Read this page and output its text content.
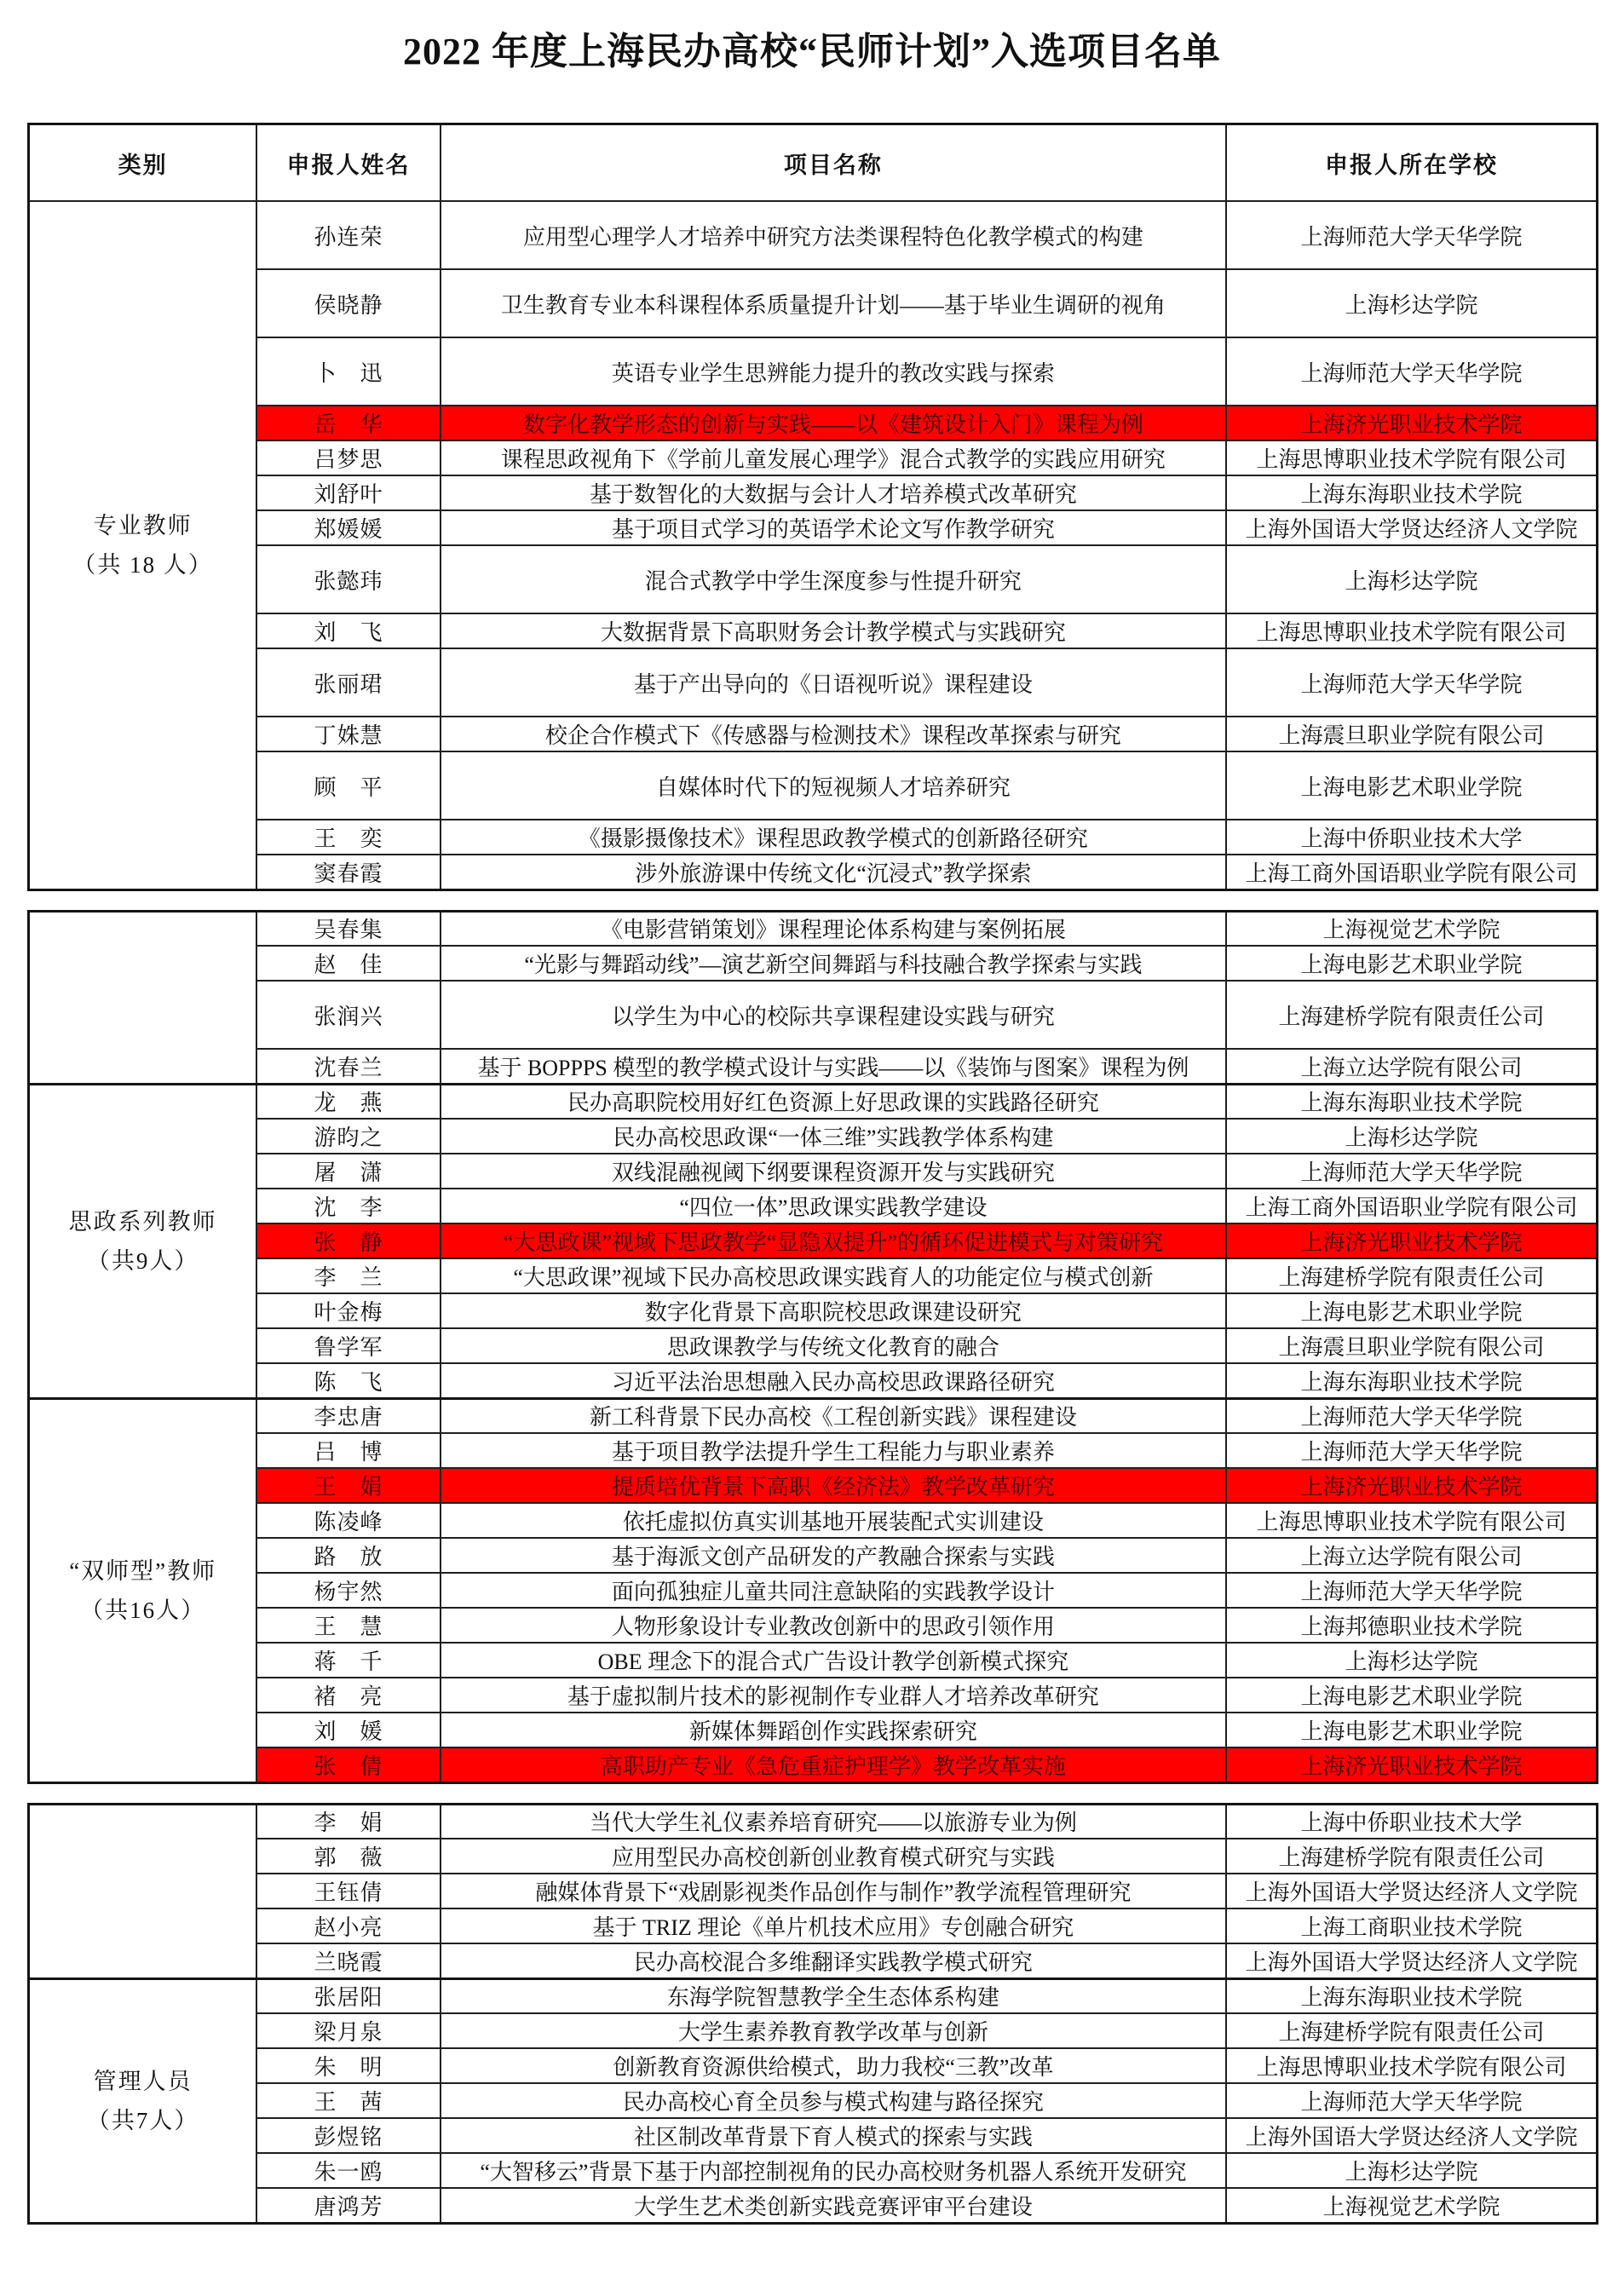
2022 年度上海民办高校“民师计划”入选项目名单
类别	申报人姓名	项目名称	申报人所在学校

专业教师
（共 18 人）	孙连荣	应用型心理学人才培养中研究方法类课程特色化教学模式的构建	上海师范大学天华学院
	侯晓静	卫生教育专业本科课程体系质量提升计划——基于毕业生调研的视角	上海杉达学院
	卜　迅	英语专业学生思辨能力提升的教改实践与探索	上海师范大学天华学院
	岳　华	数字化教学形态的创新与实践——以《建筑设计入门》课程为例	上海济光职业技术学院
	吕梦思	课程思政视角下《学前儿童发展心理学》混合式教学的实践应用研究	上海思博职业技术学院有限公司
	刘舒叶	基于数智化的大数据与会计人才培养模式改革研究	上海东海职业技术学院
	郑媛媛	基于项目式学习的英语学术论文写作教学研究	上海外国语大学贤达经济人文学院
	张懿玮	混合式教学中学生深度参与性提升研究	上海杉达学院
	刘　飞	大数据背景下高职财务会计教学模式与实践研究	上海思博职业技术学院有限公司
	张丽珺	基于产出导向的《日语视听说》课程建设	上海师范大学天华学院
	丁姝慧	校企合作模式下《传感器与检测技术》课程改革探索与研究	上海震旦职业学院有限公司
	顾　平	自媒体时代下的短视频人才培养研究	上海电影艺术职业学院
	王　奕	《摄影摄像技术》课程思政教学模式的创新路径研究	上海中侨职业技术大学
	窦春霞	涉外旅游课中传统文化“沉浸式”教学探索	上海工商外国语职业学院有限公司
	吴春集	《电影营销策划》课程理论体系构建与案例拓展	上海视觉艺术学院
	赵　佳	“光影与舞蹈动线”—演艺新空间舞蹈与科技融合教学探索与实践	上海电影艺术职业学院
	张润兴	以学生为中心的校际共享课程建设实践与研究	上海建桥学院有限责任公司
	沈春兰	基于 BOPPPS 模型的教学模式设计与实践——以《装饰与图案》课程为例	上海立达学院有限公司

思政系列教师
（共9人）	龙　燕	民办高职院校用好红色资源上好思政课的实践路径研究	上海东海职业技术学院
	游昀之	民办高校思政课“一体三维”实践教学体系构建	上海杉达学院
	屠　潇	双线混融视阈下纲要课程资源开发与实践研究	上海师范大学天华学院
	沈　李	“四位一体”思政课实践教学建设	上海工商外国语职业学院有限公司
	张　静	“大思政课”视域下思政教学“显隐双提升”的循环促进模式与对策研究	上海济光职业技术学院
	李　兰	“大思政课”视域下民办高校思政课实践育人的功能定位与模式创新	上海建桥学院有限责任公司
	叶金梅	数字化背景下高职院校思政课建设研究	上海电影艺术职业学院
	鲁学军	思政课教学与传统文化教育的融合	上海震旦职业学院有限公司
	陈　飞	习近平法治思想融入民办高校思政课路径研究	上海东海职业技术学院

“双师型”教师
（共16人）	李忠唐	新工科背景下民办高校《工程创新实践》课程建设	上海师范大学天华学院
	吕　博	基于项目教学法提升学生工程能力与职业素养	上海师范大学天华学院
	王　娟	提质培优背景下高职《经济法》教学改革研究	上海济光职业技术学院
	陈凌峰	依托虚拟仿真实训基地开展装配式实训建设	上海思博职业技术学院有限公司
	路　放	基于海派文创产品研发的产教融合探索与实践	上海立达学院有限公司
	杨宇然	面向孤独症儿童共同注意缺陷的实践教学设计	上海师范大学天华学院
	王　慧	人物形象设计专业教改创新中的思政引领作用	上海邦德职业技术学院
	蒋　千	OBE 理念下的混合式广告设计教学创新模式探究	上海杉达学院
	褚　亮	基于虚拟制片技术的影视制作专业群人才培养改革研究	上海电影艺术职业学院
	刘　媛	新媒体舞蹈创作实践探索研究	上海电影艺术职业学院
	张　倩	高职助产专业《急危重症护理学》教学改革实施	上海济光职业技术学院
	李　娟	当代大学生礼仪素养培育研究——以旅游专业为例	上海中侨职业技术大学
	郭　薇	应用型民办高校创新创业教育模式研究与实践	上海建桥学院有限责任公司
	王钰倩	融媒体背景下“戏剧影视类作品创作与制作”教学流程管理研究	上海外国语大学贤达经济人文学院
	赵小亮	基于 TRIZ 理论《单片机技术应用》专创融合研究	上海工商职业技术学院
	兰晓霞	民办高校混合多维翻译实践教学模式研究	上海外国语大学贤达经济人文学院

管理人员
（共7人）	张居阳	东海学院智慧教学全生态体系构建	上海东海职业技术学院
	梁月泉	大学生素养教育教学改革与创新	上海建桥学院有限责任公司
	朱　明	创新教育资源供给模式，助力我校“三教”改革	上海思博职业技术学院有限公司
	王　茜	民办高校心育全员参与模式构建与路径探究	上海师范大学天华学院
	彭煜铭	社区制改革背景下育人模式的探索与实践	上海外国语大学贤达经济人文学院
	朱一鸥	“大智移云”背景下基于内部控制视角的民办高校财务机器人系统开发研究	上海杉达学院
	唐鸿芳	大学生艺术类创新实践竞赛评审平台建设	上海视觉艺术学院
